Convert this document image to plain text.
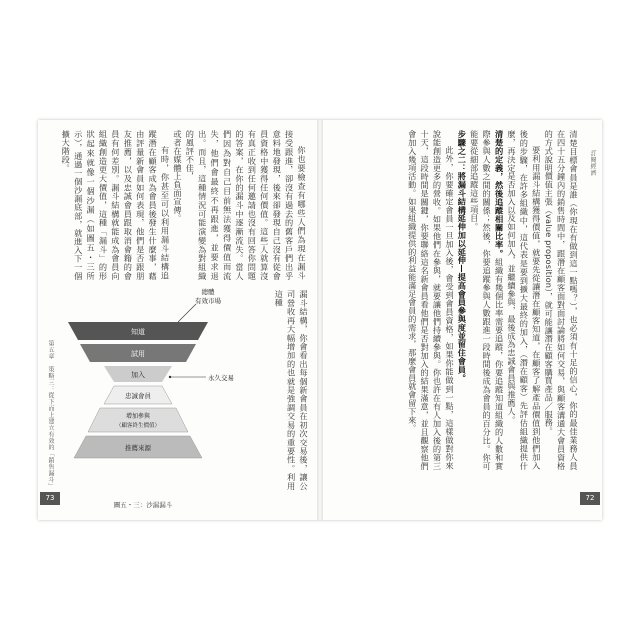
73
第五章　策略三：從下而上建立有效的「銷售漏斗」

你也要檢查有哪些人們為現在漏斗接受跟進，卻沒有過去的舊客戶們出乎意料地發現，後來卻發現自己沒有從會員資格中獲得任何價值。這些人就算沒有真正收到任何邀請也沒有回答你問題的答案，在你的漏斗中逐漸流失。當人們因為對自己目前無法獲得價值而流失，他們會最終不再跟進，並要求退出。而且，這種情況可能演變為對組織的風評不佳，

或者在媒體上負面宣傳。

有時，你甚至可以利用漏斗結構追蹤潛在顧客成為會員後發生什麼事，藉由評量新會員如何表現，他們是否跟朋友推薦，以及忠誠會員跟取消會籍的會員有何差別。漏斗結構就能成為會員向組織創造更大價值，這種「漏斗」的形狀起來就像一個沙漏（如圖五・三所示），通過一個沙漏底部，就進入下一個擴大階段。

漏斗結構，你會看出每個新會員在初次交易後，讓公司營收再大幅增加的也就是強調交易的重要性。利用這種

知道
試用
加入
忠誠會員
增加參與
（顧客終生價值）
推薦來源
總體
有效市場
永久交易
圖五・三：沙漏漏斗
72
訂閱經濟

清楚目標會員是誰（你現在有做到這一點嗎？），也必須有十足的信心，你的最佳業務人員在四十五分鐘內的銷售時間中，跟潛在顧客面對面討論將如何交易，與顧客溝通大會員資格的方式說明價值主張（value proposition），就可能讓潛在顧客購買產品／服務。

要利用漏斗結構獲得價值，就要先從讓潛在顧客知道，在顧客了解產品價值到他們加入後的步驟，在許多組織中，這代表是要到擴大最終的加入，（潛在顧客）先評估組織提供什麼，再決定是否加入以及如何加入，並繼續參與，最後成為忠誠會員與推薦人。

清楚的定義，然後追蹤相關比率。組織有幾個比率需要追蹤，你要追蹤知道組織的人數和實際參與人數之間的關係；然後，你要追蹤參與人數跟進一段時間後成為會員的百分比。你可能要從細部追蹤這些項目。

步驟之二：將漏斗結構延伸加以延伸—提高會員參與度並留住會員。

此外，你要確定會員一旦加入後，會受到會員資格，如果你能做到一點，這樣做對你來說能創造更多的營收。如果他們在參與，就要讓他們持續參與。你也許在有人加入後的第三十天，這段時間是關鍵，你要聯絡這名新會員看他們是否對加入的結果滿意，並且觀察他們會加入幾項活動。如果組織提供的利益能滿足會員的需求，那麼會員就會留下來。
